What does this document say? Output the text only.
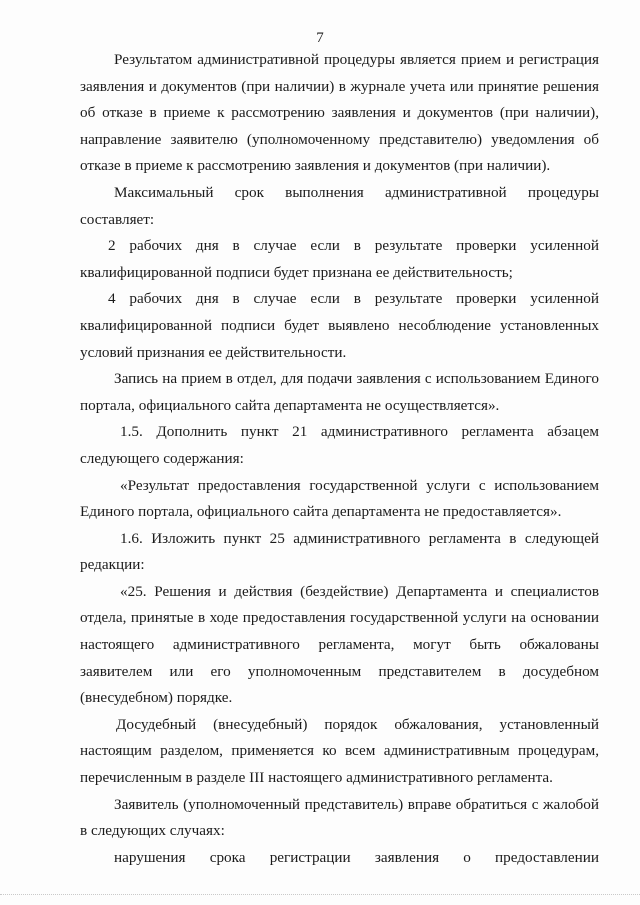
7

Результатом административной процедуры является прием и регистрация заявления и документов (при наличии) в журнале учета или принятие решения об отказе в приеме к рассмотрению заявления и документов (при наличии), направление заявителю (уполномоченному представителю) уведомления об отказе в приеме к рассмотрению заявления и документов (при наличии).

Максимальный срок выполнения административной процедуры составляет:

2 рабочих дня в случае если в результате проверки усиленной квалифицированной подписи будет признана ее действительность;

4 рабочих дня в случае если в результате проверки усиленной квалифицированной подписи будет выявлено несоблюдение установленных условий признания ее действительности.

Запись на прием в отдел, для подачи заявления с использованием Единого портала, официального сайта департамента не осуществляется».

1.5. Дополнить пункт 21 административного регламента абзацем следующего содержания:

«Результат предоставления государственной услуги с использованием Единого портала, официального сайта департамента не предоставляется».

1.6. Изложить пункт 25 административного регламента в следующей редакции:

«25. Решения и действия (бездействие) Департамента и специалистов отдела, принятые в ходе предоставления государственной услуги на основании настоящего административного регламента, могут быть обжалованы заявителем или его уполномоченным представителем в досудебном (внесудебном) порядке.

Досудебный (внесудебный) порядок обжалования, установленный настоящим разделом, применяется ко всем административным процедурам, перечисленным в разделе III настоящего административного регламента.

Заявитель (уполномоченный представитель) вправе обратиться с жалобой в следующих случаях:

нарушения срока регистрации заявления о предоставлении
